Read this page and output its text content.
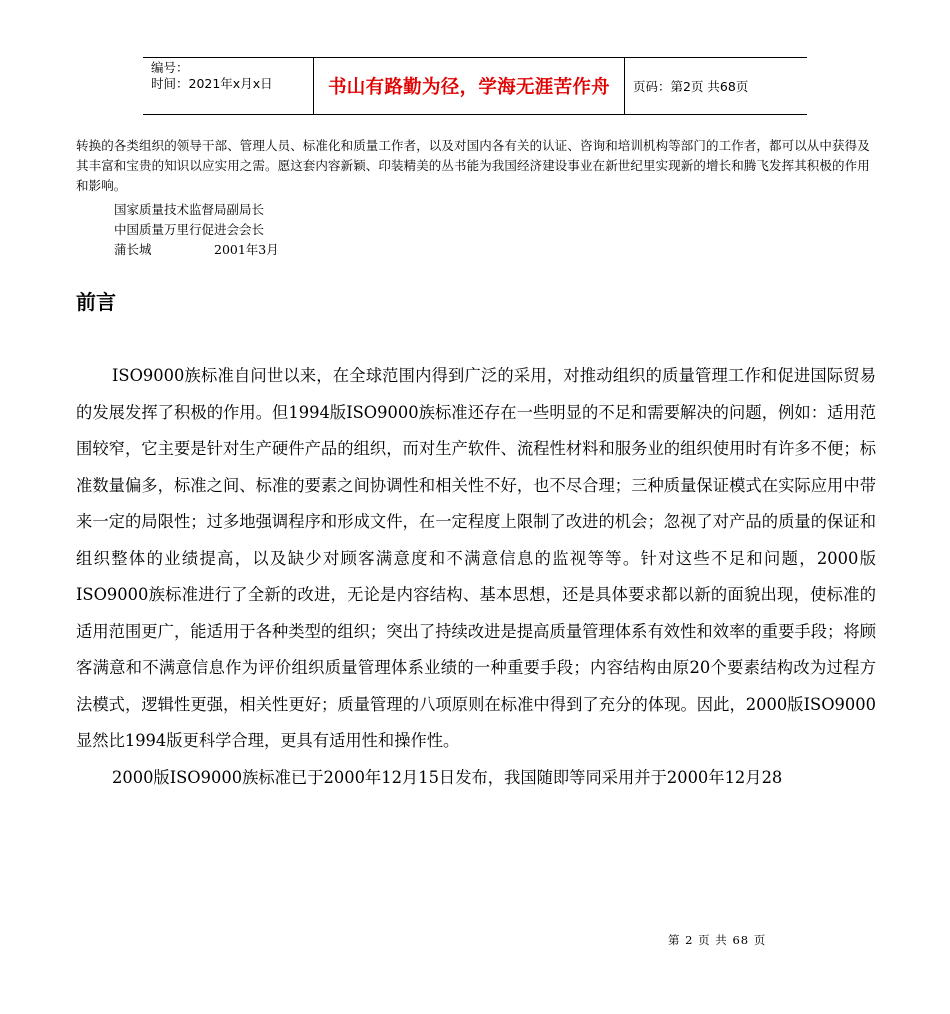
编号：
时间：2021年x月x日	书山有路勤为径，学海无涯苦作舟	页码：第2页 共68页
转换的各类组织的领导干部、管理人员、标准化和质量工作者，以及对国内各有关的认证、咨询和培训机构等部门的工作者，都可以从中获得及其丰富和宝贵的知识以应实用之需。愿这套内容新颖、印装精美的丛书能为我国经济建设事业在新世纪里实现新的增长和腾飞发挥其积极的作用和影响。
国家质量技术监督局副局长
中国质量万里行促进会会长
蒲长城	2001年3月
前言

ISO9000族标准自问世以来，在全球范围内得到广泛的采用，对推动组织的质量管理工作和促进国际贸易的发展发挥了积极的作用。但1994版ISO9000族标准还存在一些明显的不足和需要解决的问题，例如：适用范围较窄，它主要是针对生产硬件产品的组织，而对生产软件、流程性材料和服务业的组织使用时有许多不便；标准数量偏多，标准之间、标准的要素之间协调性和相关性不好，也不尽合理；三种质量保证模式在实际应用中带来一定的局限性；过多地强调程序和形成文件，在一定程度上限制了改进的机会；忽视了对产品的质量的保证和组织整体的业绩提高，以及缺少对顾客满意度和不满意信息的监视等等。针对这些不足和问题，2000版ISO9000族标准进行了全新的改进，无论是内容结构、基本思想，还是具体要求都以新的面貌出现，使标准的适用范围更广，能适用于各种类型的组织；突出了持续改进是提高质量管理体系有效性和效率的重要手段；将顾客满意和不满意信息作为评价组织质量管理体系业绩的一种重要手段；内容结构由原20个要素结构改为过程方法模式，逻辑性更强，相关性更好；质量管理的八项原则在标准中得到了充分的体现。因此，2000版ISO9000显然比1994版更科学合理，更具有适用性和操作性。

2000版ISO9000族标准已于2000年12月15日发布，我国随即等同采用并于2000年12月28

第 2 页 共 68 页
